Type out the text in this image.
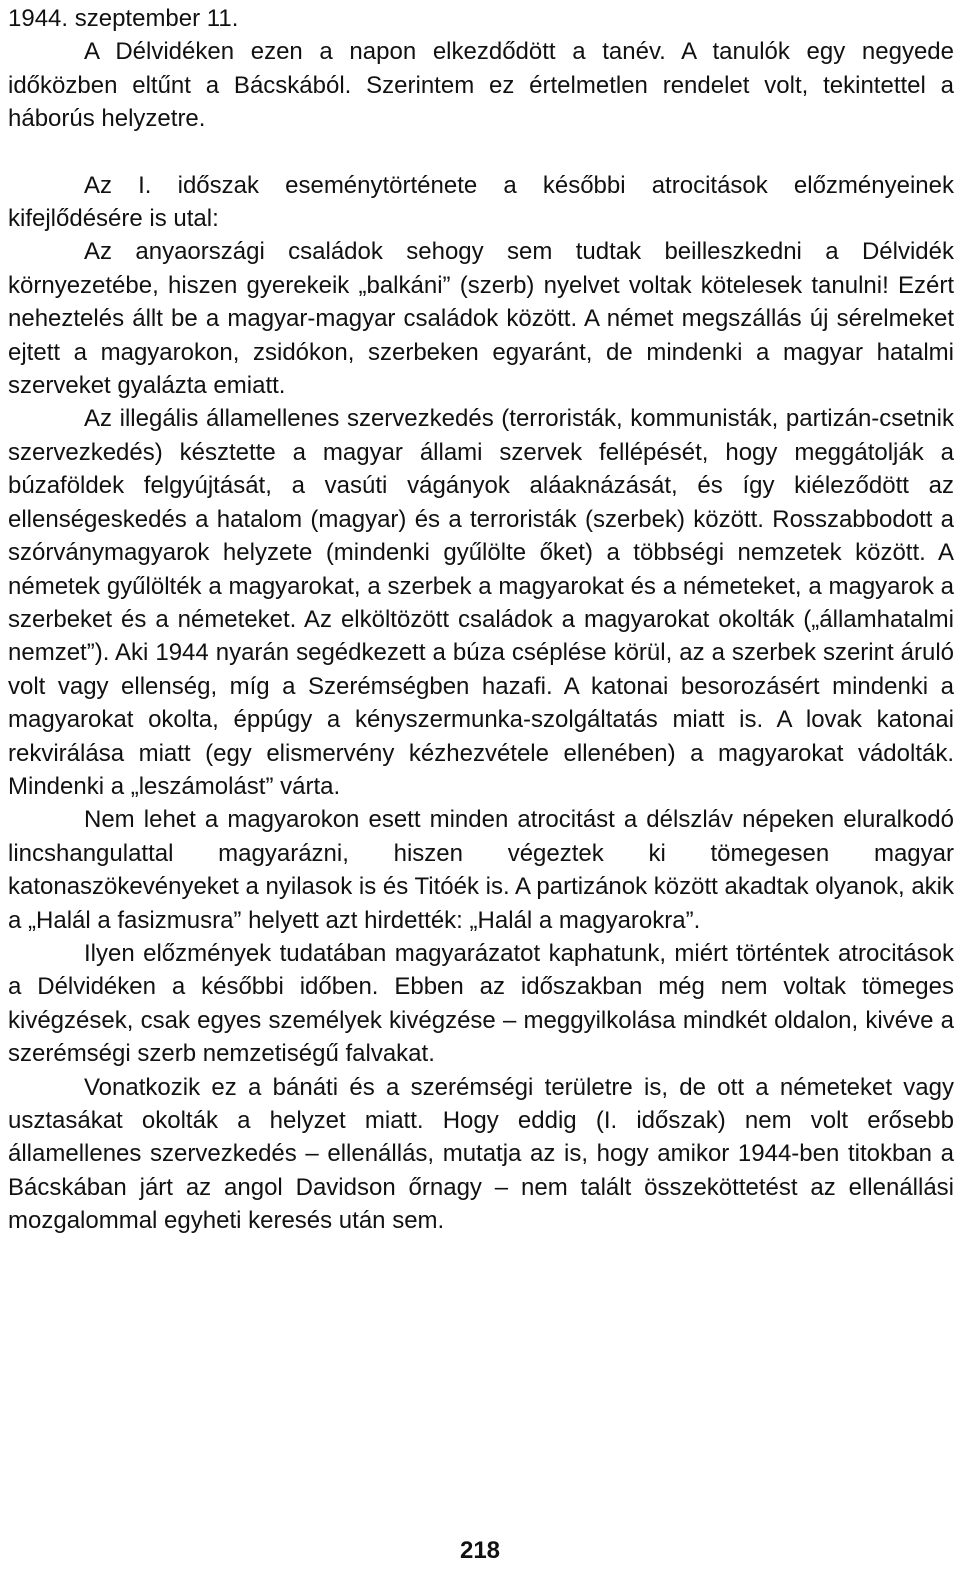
1944. szeptember 11.

A Délvidéken ezen a napon elkezdődött a tanév. A tanulók egy negyede időközben eltűnt a Bácskából. Szerintem ez értelmetlen rendelet volt, tekintettel a háborús helyzetre.

Az I. időszak eseménytörténete a későbbi atrocitások előzményeinek kifejlődésére is utal:

Az anyaországi családok sehogy sem tudtak beilleszkedni a Délvidék környezetébe, hiszen gyerekeik „balkáni” (szerb) nyelvet voltak kötelesek tanulni! Ezért neheztelés állt be a magyar-magyar családok között. A német megszállás új sérelmeket ejtett a magyarokon, zsidókon, szerbeken egyaránt, de mindenki a magyar hatalmi szerveket gyalázta emiatt.

Az illegális államellenes szervezkedés (terroristák, kommunisták, partizán-csetnik szervezkedés) késztette a magyar állami szervek fellépését, hogy meggátolják a búzaföldek felgyújtását, a vasúti vágányok aláaknázását, és így kiéleződött az ellenségeskedés a hatalom (magyar) és a terroristák (szerbek) között. Rosszabbodott a szórványmagyarok helyzete (mindenki gyűlölte őket) a többségi nemzetek között. A németek gyűlölték a magyarokat, a szerbek a magyarokat és a németeket, a magyarok a szerbeket és a németeket. Az elköltözött családok a magyarokat okolták („államhatalmi nemzet”). Aki 1944 nyarán segédkezett a búza cséplése körül, az a szerbek szerint áruló volt vagy ellenség, míg a Szerémségben hazafi. A katonai besorozásért mindenki a magyarokat okolta, éppúgy a kényszermunka-szolgáltatás miatt is. A lovak katonai rekvirálása miatt (egy elismervény kézhezvétele ellenében) a magyarokat vádolták. Mindenki a „leszámolást” várta.

Nem lehet a magyarokon esett minden atrocitást a délszláv népeken eluralkodó lincshangulattal magyarázni, hiszen végeztek ki tömegesen magyar katonaszökevényeket a nyilasok is és Titóék is. A partizánok között akadtak olyanok, akik a „Halál a fasizmusra” helyett azt hirdették: „Halál a magyarokra”.

Ilyen előzmények tudatában magyarázatot kaphatunk, miért történtek atrocitások a Délvidéken a későbbi időben. Ebben az időszakban még nem voltak tömeges kivégzések, csak egyes személyek kivégzése – meggyilkolása mindkét oldalon, kivéve a szerémségi szerb nemzetiségű falvakat.

Vonatkozik ez a bánáti és a szerémségi területre is, de ott a németeket vagy usztasákat okolták a helyzet miatt. Hogy eddig (I. időszak) nem volt erősebb államellenes szervezkedés – ellenállás, mutatja az is, hogy amikor 1944-ben titokban a Bácskában járt az angol Davidson őrnagy – nem talált összeköttetést az ellenállási mozgalommal egyheti keresés után sem.

218
